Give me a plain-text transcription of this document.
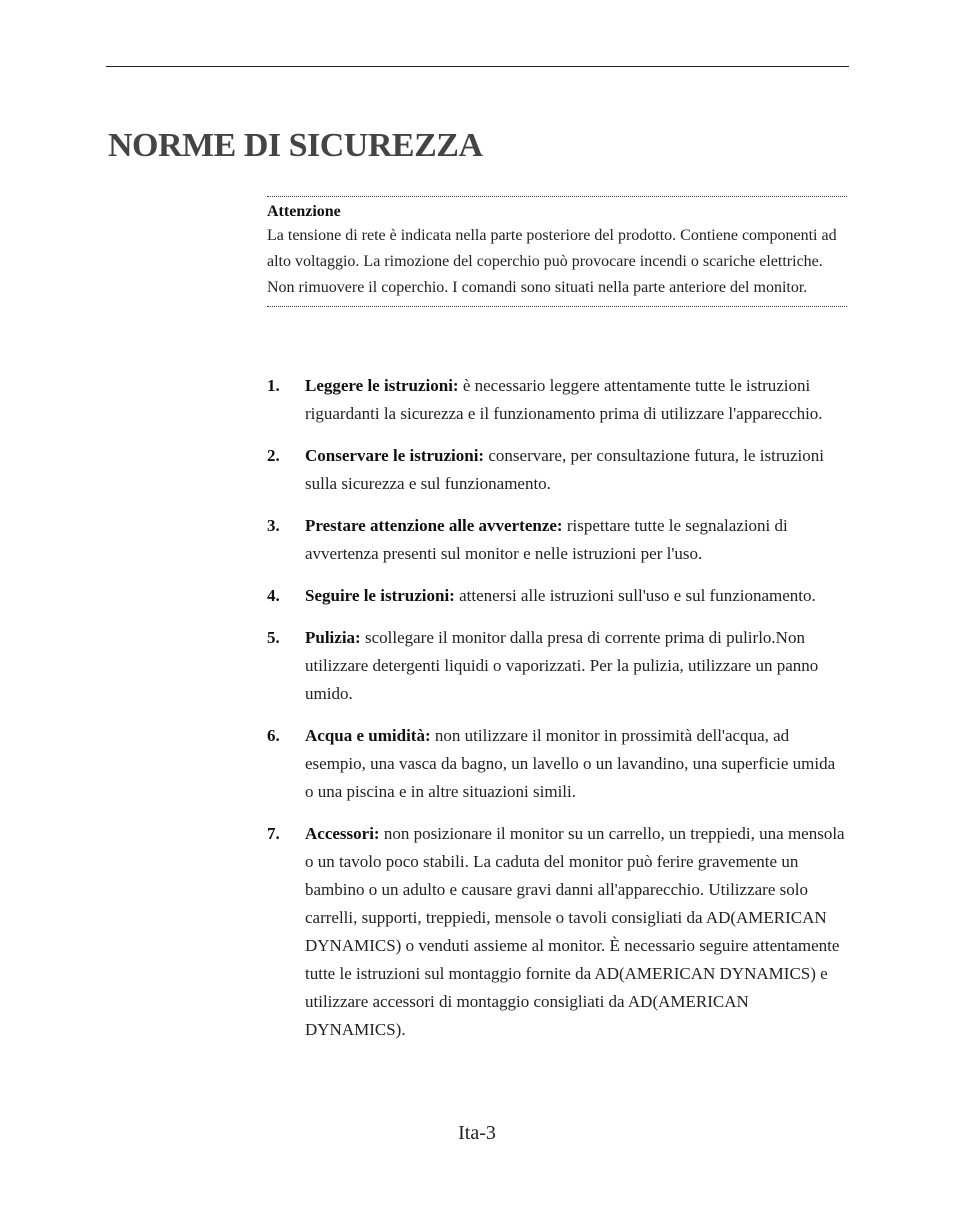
NORME DI SICUREZZA
Attenzione

La tensione di rete è indicata nella parte posteriore del prodotto. Contiene componenti ad alto voltaggio. La rimozione del coperchio può provocare incendi o scariche elettriche. Non rimuovere il coperchio. I comandi sono situati nella parte anteriore del monitor.

1. Leggere le istruzioni: è necessario leggere attentamente tutte le istruzioni riguardanti la sicurezza e il funzionamento prima di utilizzare l'apparecchio.
2. Conservare le istruzioni: conservare, per consultazione futura, le istruzioni sulla sicurezza e sul funzionamento.
3. Prestare attenzione alle avvertenze: rispettare tutte le segnalazioni di avvertenza presenti sul monitor e nelle istruzioni per l'uso.
4. Seguire le istruzioni: attenersi alle istruzioni sull'uso e sul funzionamento.
5. Pulizia: scollegare il monitor dalla presa di corrente prima di pulirlo.Non utilizzare detergenti liquidi o vaporizzati. Per la pulizia, utilizzare un panno umido.
6. Acqua e umidità: non utilizzare il monitor in prossimità dell'acqua, ad esempio, una vasca da bagno, un lavello o un lavandino, una superficie umida o una piscina e in altre situazioni simili.
7. Accessori: non posizionare il monitor su un carrello, un treppiedi, una mensola o un tavolo poco stabili. La caduta del monitor può ferire gravemente un bambino o un adulto e causare gravi danni all'apparecchio. Utilizzare solo carrelli, supporti, treppiedi, mensole o tavoli consigliati da AD(AMERICAN DYNAMICS) o venduti assieme al monitor. È necessario seguire attentamente tutte le istruzioni sul montaggio fornite da AD(AMERICAN DYNAMICS) e utilizzare accessori di montaggio consigliati da AD(AMERICAN DYNAMICS).
Ita-3
